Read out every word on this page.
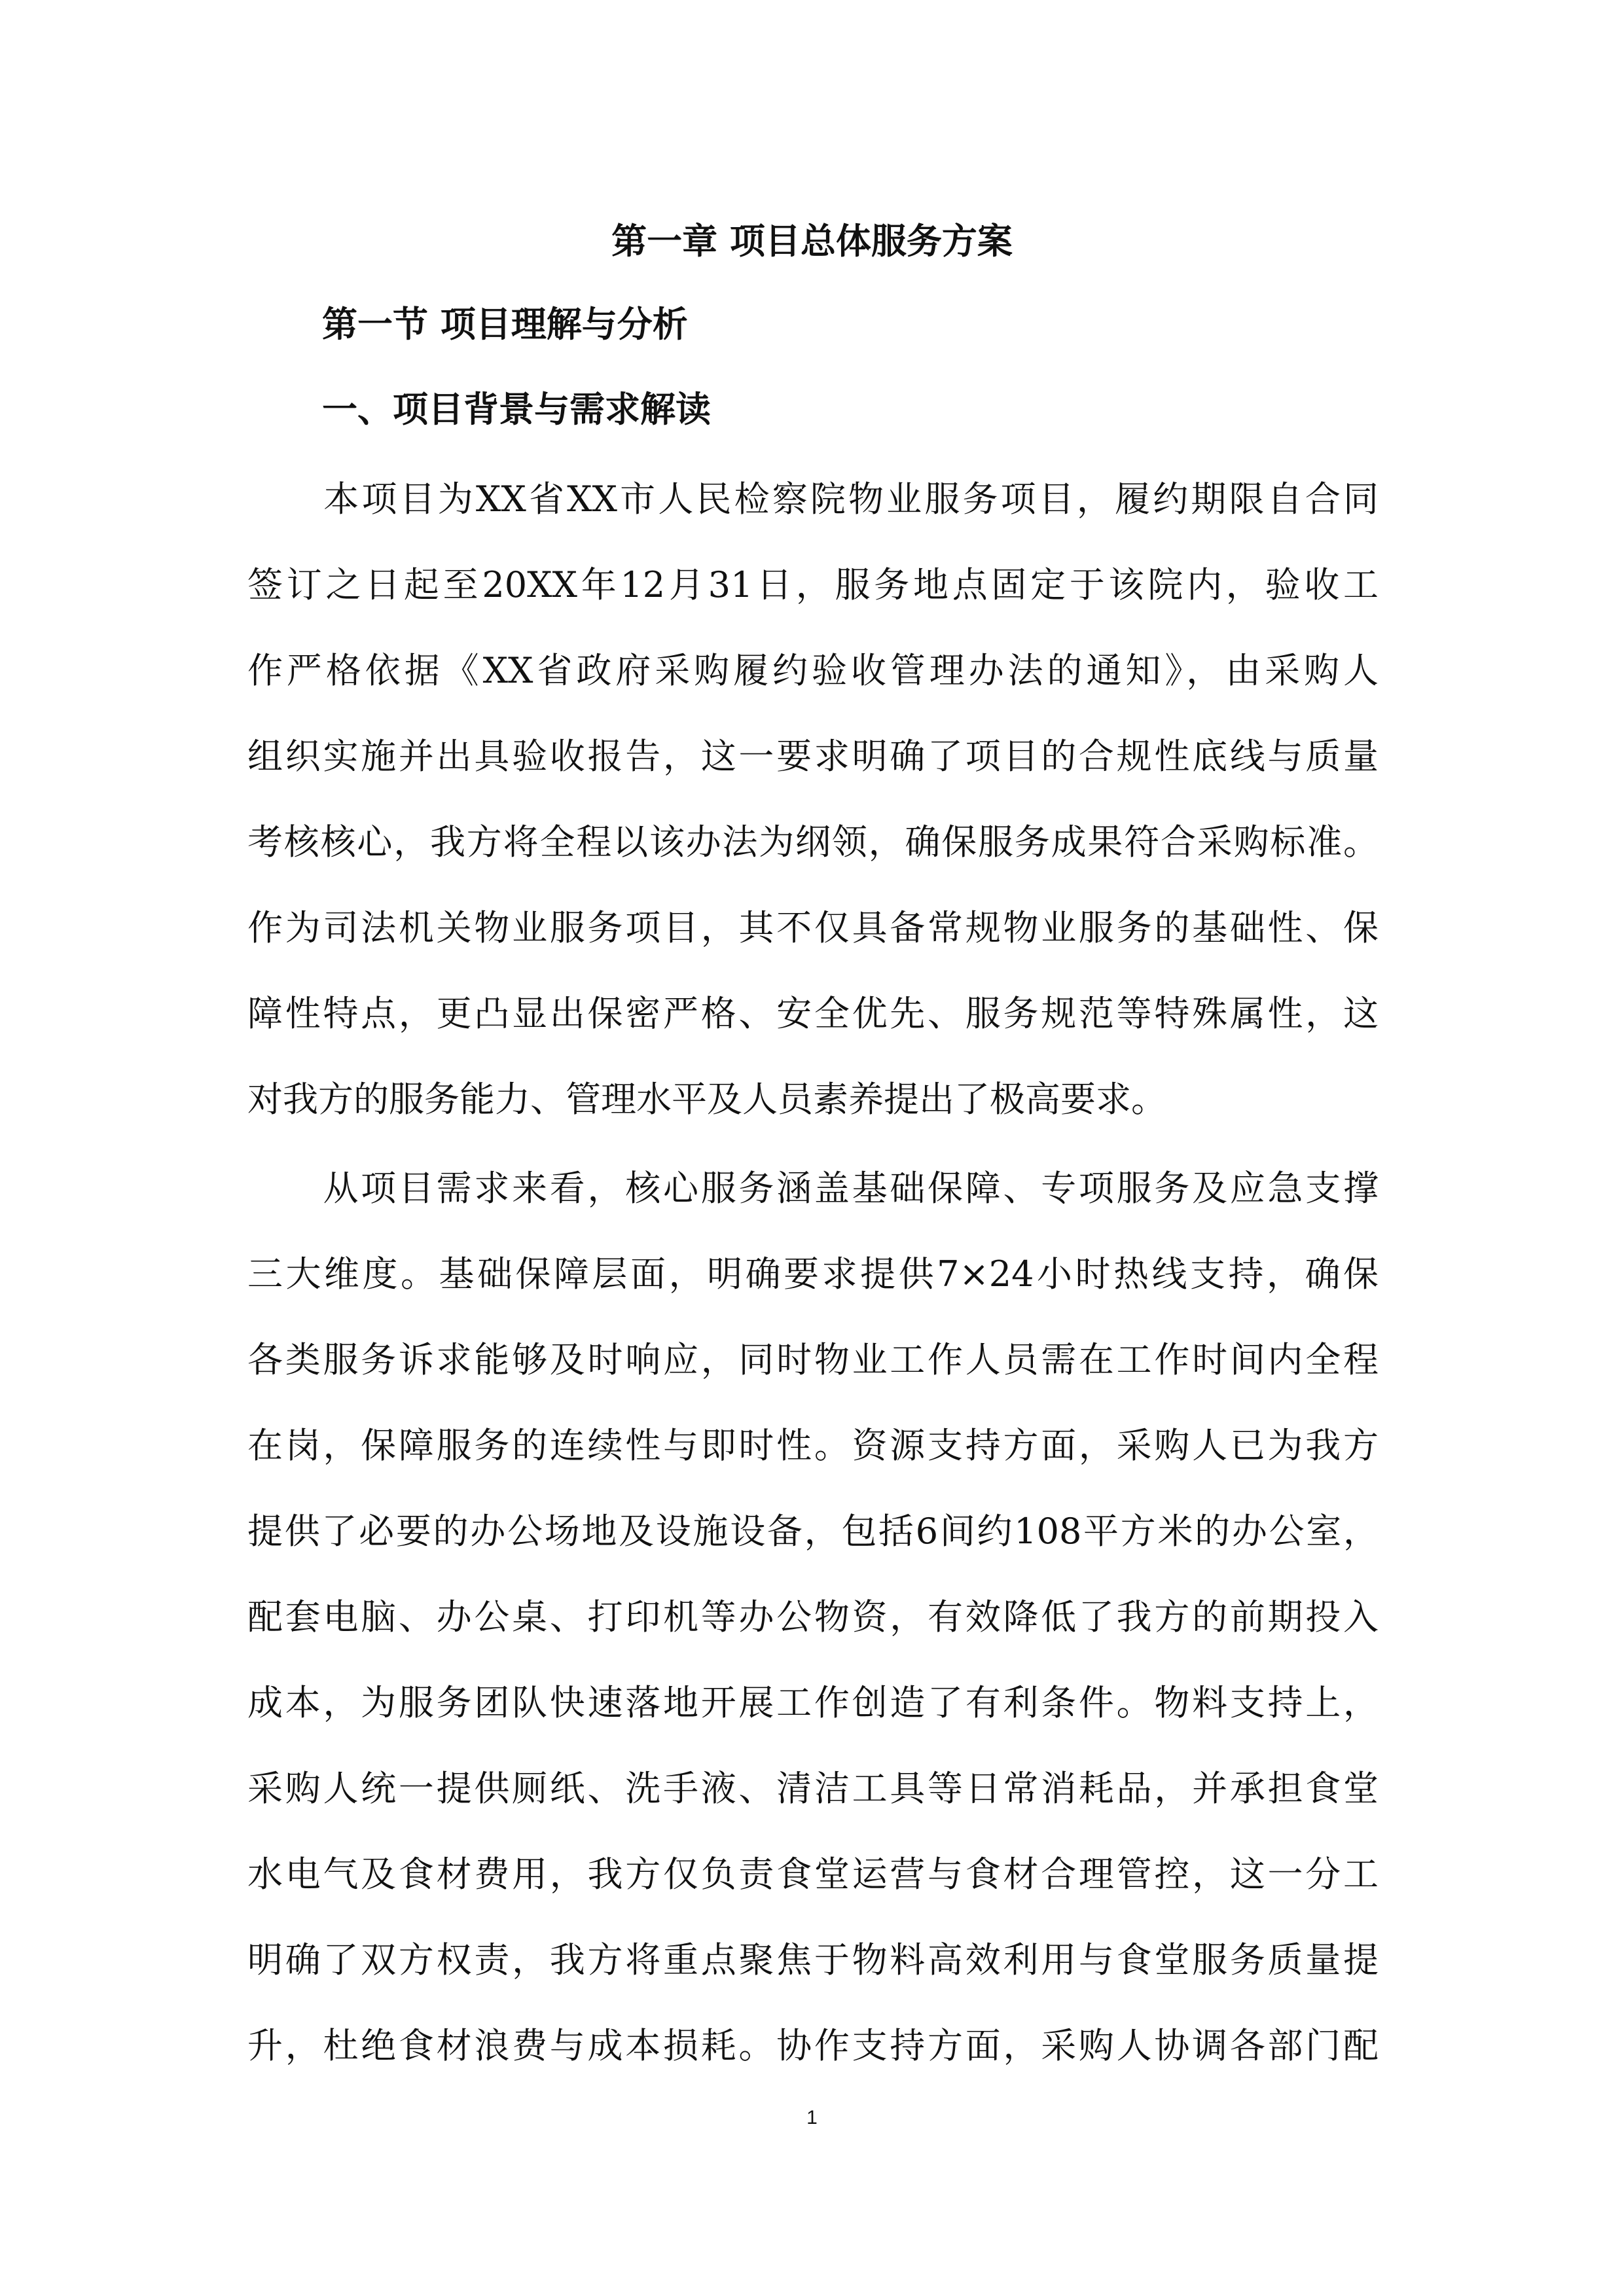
第一章 项目总体服务方案
第一节 项目理解与分析
一、项目背景与需求解读
　　本项目为XX省XX市人民检察院物业服务项目，履约期限自合同
签订之日起至20XX年12月31日，服务地点固定于该院内，验收工
作严格依据《XX省政府采购履约验收管理办法的通知》，由采购人
组织实施并出具验收报告，这一要求明确了项目的合规性底线与质量
考核核心，我方将全程以该办法为纲领，确保服务成果符合采购标准。
作为司法机关物业服务项目，其不仅具备常规物业服务的基础性、保
障性特点，更凸显出保密严格、安全优先、服务规范等特殊属性，这
对我方的服务能力、管理水平及人员素养提出了极高要求。
　　从项目需求来看，核心服务涵盖基础保障、专项服务及应急支撑
三大维度。基础保障层面，明确要求提供7×24小时热线支持，确保
各类服务诉求能够及时响应，同时物业工作人员需在工作时间内全程
在岗，保障服务的连续性与即时性。资源支持方面，采购人已为我方
提供了必要的办公场地及设施设备，包括6间约108平方米的办公室，
配套电脑、办公桌、打印机等办公物资，有效降低了我方的前期投入
成本，为服务团队快速落地开展工作创造了有利条件。物料支持上，
采购人统一提供厕纸、洗手液、清洁工具等日常消耗品，并承担食堂
水电气及食材费用，我方仅负责食堂运营与食材合理管控，这一分工
明确了双方权责，我方将重点聚焦于物料高效利用与食堂服务质量提
升，杜绝食材浪费与成本损耗。协作支持方面，采购人协调各部门配
1
